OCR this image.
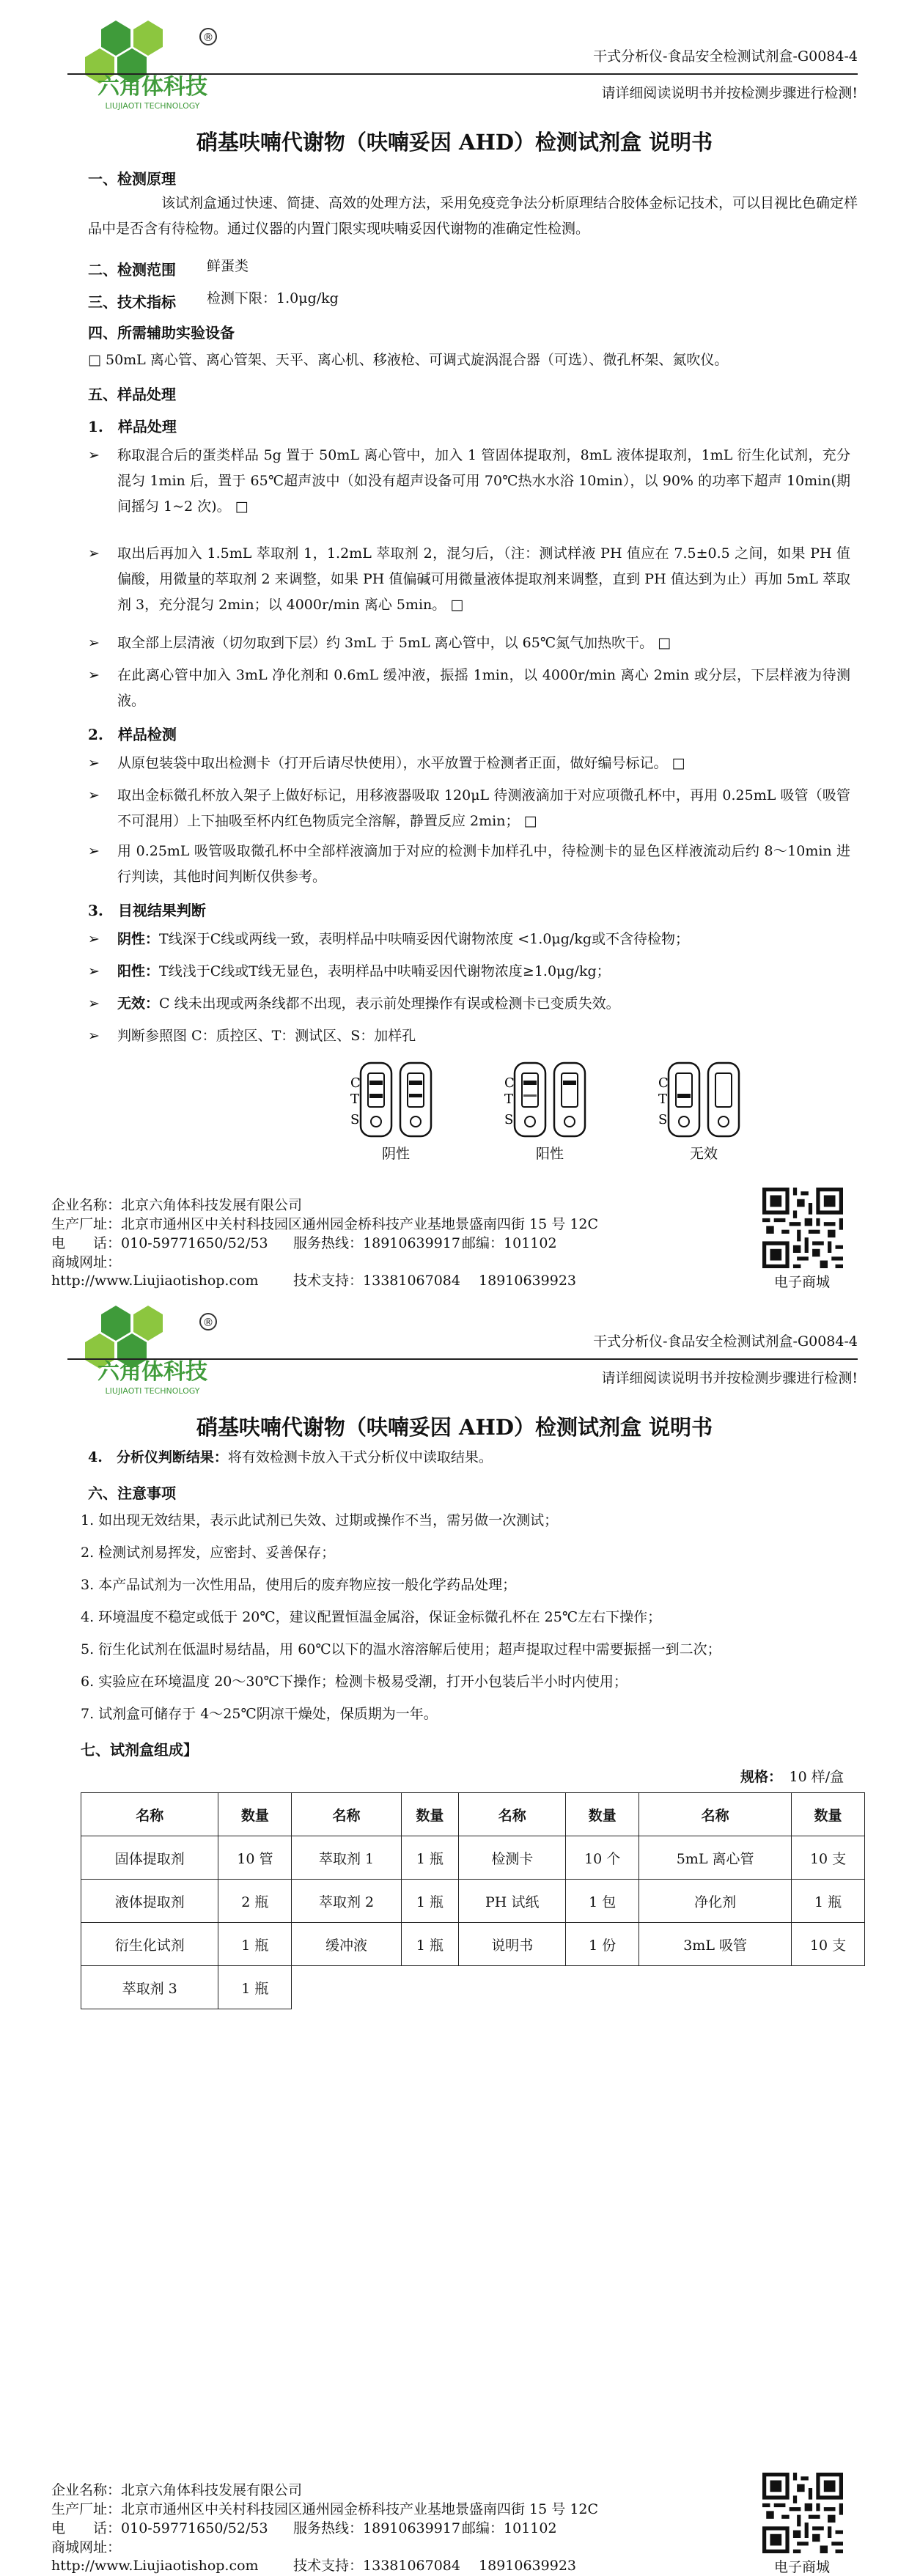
®
六角体科技
LIUJIAOTI TECHNOLOGY
干式分析仪-食品安全检测试剂盒-G0084-4
请详细阅读说明书并按检测步骤进行检测!
硝基呋喃代谢物（呋喃妥因 AHD）检测试剂盒 说明书
一、检测原理
该试剂盒通过快速、简捷、高效的处理方法，采用免疫竞争法分析原理结合胶体金标记技术，可以目视比色确定样品中是否含有待检物。通过仪器的内置门限实现呋喃妥因代谢物的准确定性检测。
二、检测范围 鲜蛋类
三、技术指标 检测下限：1.0μg/kg
四、所需辅助实验设备
□ 50mL 离心管、离心管架、天平、离心机、移液枪、可调式旋涡混合器（可选）、微孔杯架、氮吹仪。
五、样品处理
1.　样品处理
➢ 称取混合后的蛋类样品 5g 置于 50mL 离心管中，加入 1 管固体提取剂，8mL 液体提取剂，1mL 衍生化试剂，充分混匀 1min 后，置于 65℃超声波中（如没有超声设备可用 70℃热水水浴 10min），以 90% 的功率下超声 10min(期间摇匀 1~2 次)。 □
➢ 取出后再加入 1.5mL 萃取剂 1，1.2mL 萃取剂 2，混匀后，（注：测试样液 PH 值应在 7.5±0.5 之间，如果 PH 值偏酸，用微量的萃取剂 2 来调整，如果 PH 值偏碱可用微量液体提取剂来调整，直到 PH 值达到为止）再加 5mL 萃取剂 3，充分混匀 2min；以 4000r/min 离心 5min。 □
➢ 取全部上层清液（切勿取到下层）约 3mL 于 5mL 离心管中，以 65℃氮气加热吹干。 □
➢ 在此离心管中加入 3mL 净化剂和 0.6mL 缓冲液，振摇 1min，以 4000r/min 离心 2min 或分层，下层样液为待测液。
2.　样品检测
➢ 从原包装袋中取出检测卡（打开后请尽快使用），水平放置于检测者正面，做好编号标记。 □
➢ 取出金标微孔杯放入架子上做好标记，用移液器吸取 120μL 待测液滴加于对应项微孔杯中，再用 0.25mL 吸管（吸管不可混用）上下抽吸至杯内红色物质完全溶解，静置反应 2min； □
➢ 用 0.25mL 吸管吸取微孔杯中全部样液滴加于对应的检测卡加样孔中，待检测卡的显色区样液流动后约 8～10min 进行判读，其他时间判断仅供参考。
3.　目视结果判断
➢ 阴性：T线深于C线或两线一致，表明样品中呋喃妥因代谢物浓度 <1.0μg/kg或不含待检物；
➢ 阳性：T线浅于C线或T线无显色，表明样品中呋喃妥因代谢物浓度≥1.0μg/kg；
➢ 无效：C 线未出现或两条线都不出现，表示前处理操作有误或检测卡已变质失效。
➢ 判断参照图 C：质控区、T：测试区、S：加样孔
C
T
S
阴性
C
T
S
阳性
C
T
S
无效
企业名称：北京六角体科技发展有限公司
生产厂址：北京市通州区中关村科技园区通州园金桥科技产业基地景盛南四街 15 号 12C
电　　话：010-59771650/52/53 服务热线：18910639917 邮编：101102
商城网址：http://www.Liujiaotishop.com 技术支持：13381067084　 18910639923	电子商城
®
六角体科技
LIUJIAOTI TECHNOLOGY
干式分析仪-食品安全检测试剂盒-G0084-4
请详细阅读说明书并按检测步骤进行检测!
硝基呋喃代谢物（呋喃妥因 AHD）检测试剂盒 说明书
4.　分析仪判断结果：将有效检测卡放入干式分析仪中读取结果。
六、注意事项
1. 如出现无效结果，表示此试剂已失效、过期或操作不当，需另做一次测试；
2. 检测试剂易挥发，应密封、妥善保存；
3. 本产品试剂为一次性用品，使用后的废弃物应按一般化学药品处理；
4. 环境温度不稳定或低于 20℃，建议配置恒温金属浴，保证金标微孔杯在 25℃左右下操作；
5. 衍生化试剂在低温时易结晶，用 60℃以下的温水溶溶解后使用；超声提取过程中需要振摇一到二次；
6. 实验应在环境温度 20～30℃下操作；检测卡极易受潮，打开小包装后半小时内使用；
7. 试剂盒可储存于 4～25℃阴凉干燥处，保质期为一年。
七、试剂盒组成】
规格：　 10 样/盒
名称	数量	名称	数量	名称	数量	名称	数量
固体提取剂	10 管	萃取剂 1	1 瓶	检测卡	10 个	5mL 离心管	10 支
液体提取剂	2 瓶	萃取剂 2	1 瓶	PH 试纸	1 包	净化剂	1 瓶
衍生化试剂	1 瓶	缓冲液	1 瓶	说明书	1 份	3mL 吸管	10 支
萃取剂 3	1 瓶						
企业名称：北京六角体科技发展有限公司
生产厂址：北京市通州区中关村科技园区通州园金桥科技产业基地景盛南四街 15 号 12C
电　　话：010-59771650/52/53 服务热线：18910639917 邮编：101102
商城网址：http://www.Liujiaotishop.com 技术支持：13381067084　 18910639923	电子商城
